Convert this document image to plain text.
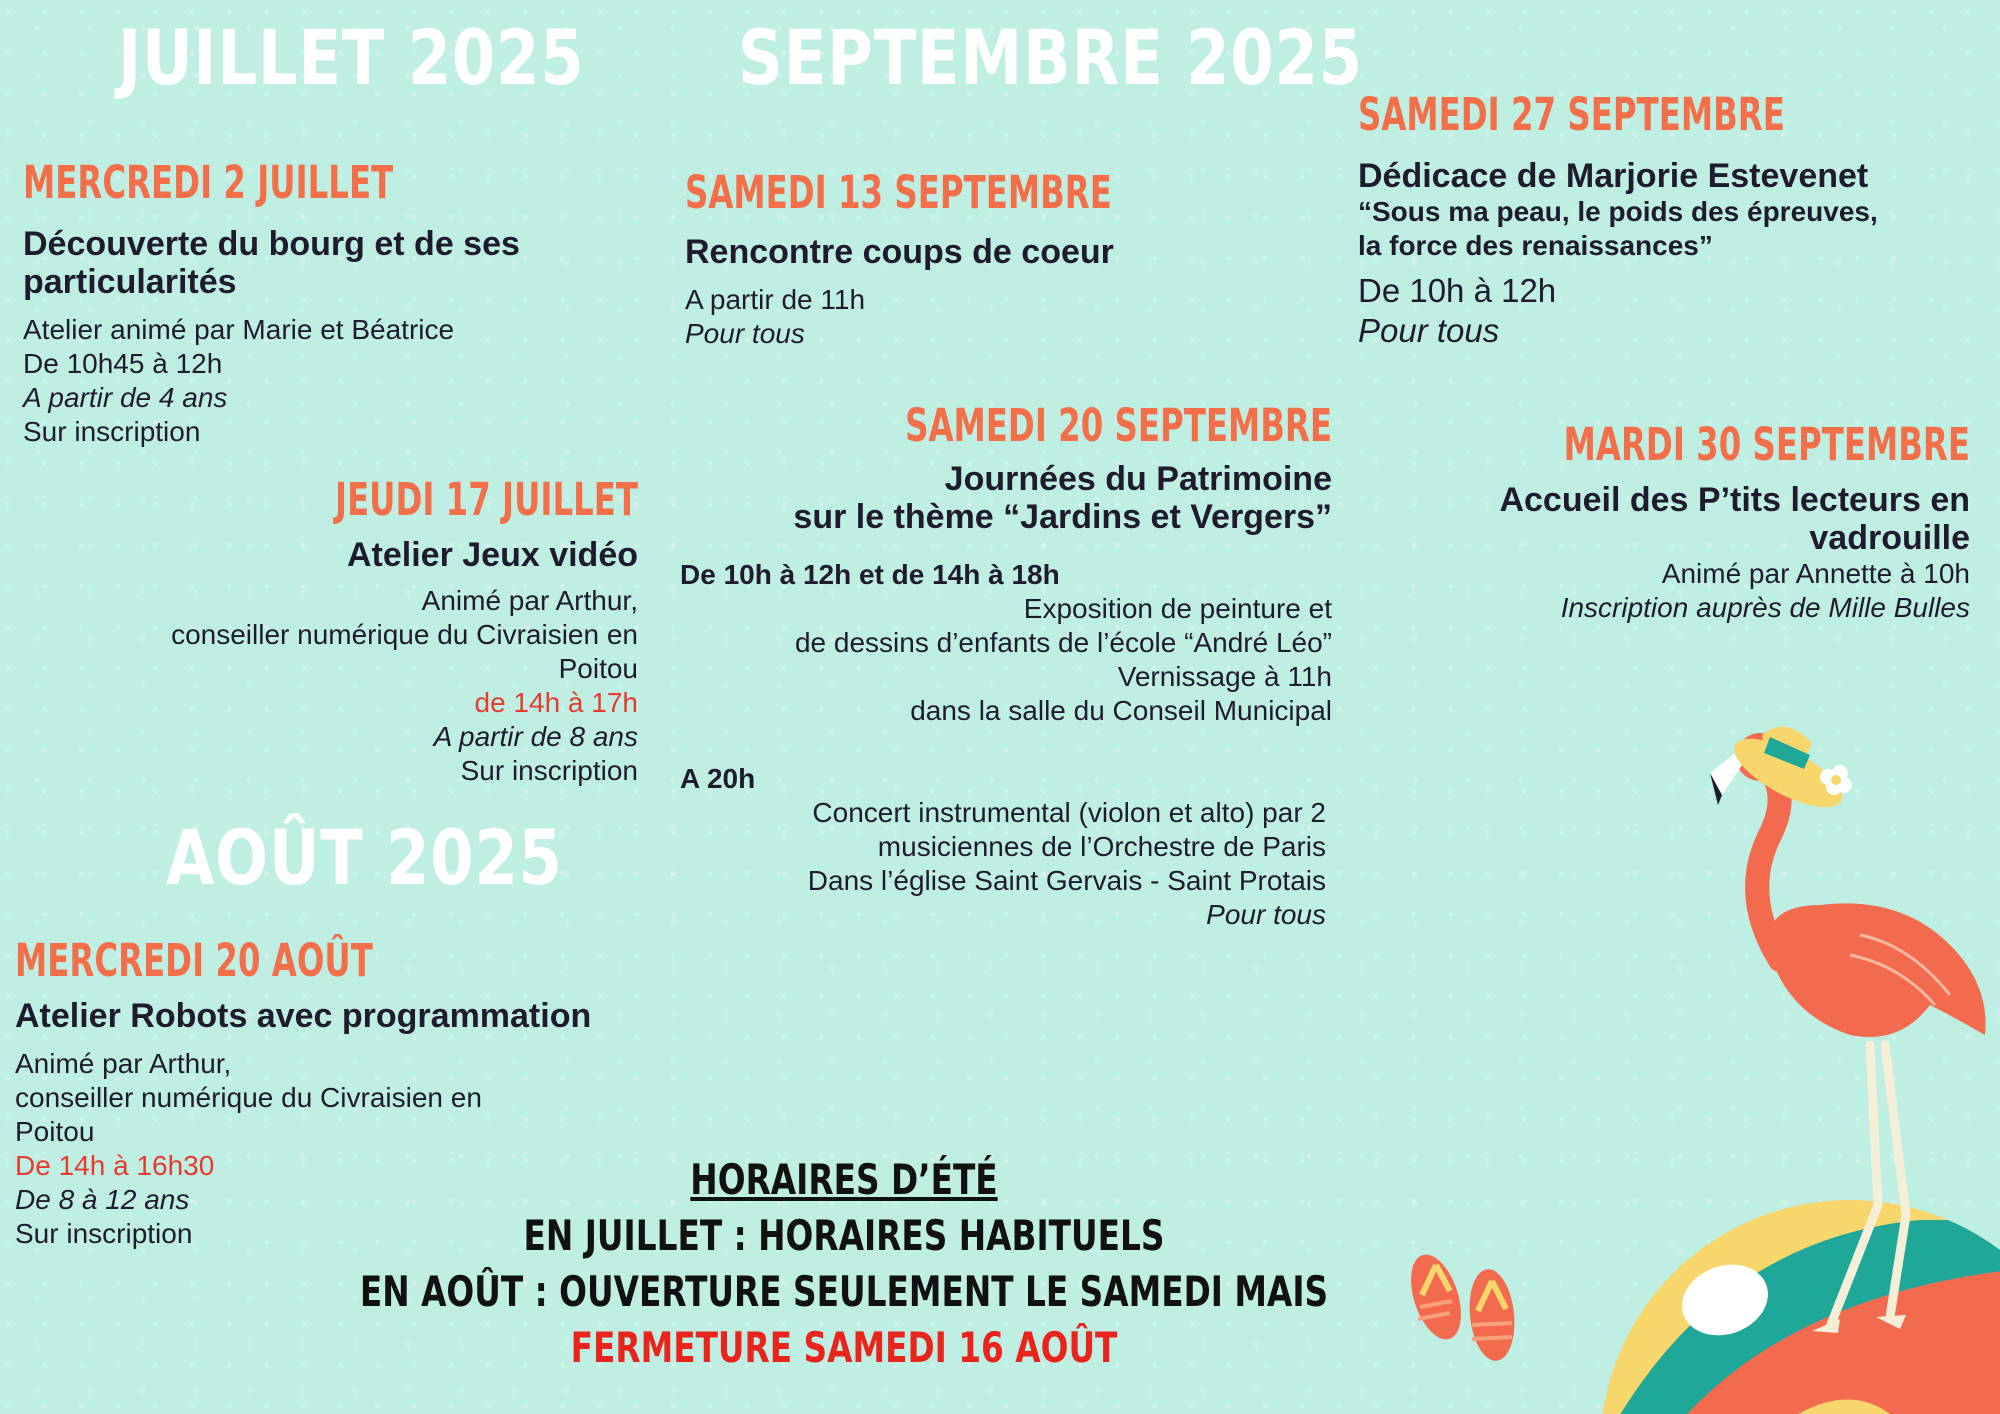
JUILLET 2025 SEPTEMBRE 2025
AOÛT 2025
MERCREDI 2 JUILLET
Découverte du bourg et de ses
particularités
Atelier animé par Marie et Béatrice
De 10h45 à 12h
A partir de 4 ans
Sur inscription
JEUDI 17 JUILLET
Atelier Jeux vidéo
Animé par Arthur,
conseiller numérique du Civraisien en
Poitou
de 14h à 17h
A partir de 8 ans
Sur inscription
MERCREDI 20 AOÛT
Atelier Robots avec programmation
Animé par Arthur,
conseiller numérique du Civraisien en
Poitou
De 14h à 16h30
De 8 à 12 ans
Sur inscription
SAMEDI 13 SEPTEMBRE
Rencontre coups de coeur
A partir de 11h
Pour tous
SAMEDI 20 SEPTEMBRE
Journées du Patrimoine
sur le thème “Jardins et Vergers”
De 10h à 12h et de 14h à 18h
Exposition de peinture et
de dessins d’enfants de l’école “André Léo”
Vernissage à 11h
dans la salle du Conseil Municipal
A 20h
Concert instrumental (violon et alto) par 2
musiciennes de l’Orchestre de Paris
Dans l’église Saint Gervais - Saint Protais
Pour tous
SAMEDI 27 SEPTEMBRE
Dédicace de Marjorie Estevenet
“Sous ma peau, le poids des épreuves,
la force des renaissances”
De 10h à 12h
Pour tous
MARDI 30 SEPTEMBRE
Accueil des P’tits lecteurs en
vadrouille
Animé par Annette à 10h
Inscription auprès de Mille Bulles
HORAIRES D’ÉTÉ
EN JUILLET : HORAIRES HABITUELS
EN AOÛT : OUVERTURE SEULEMENT LE SAMEDI MAIS
FERMETURE SAMEDI 16 AOÛT
